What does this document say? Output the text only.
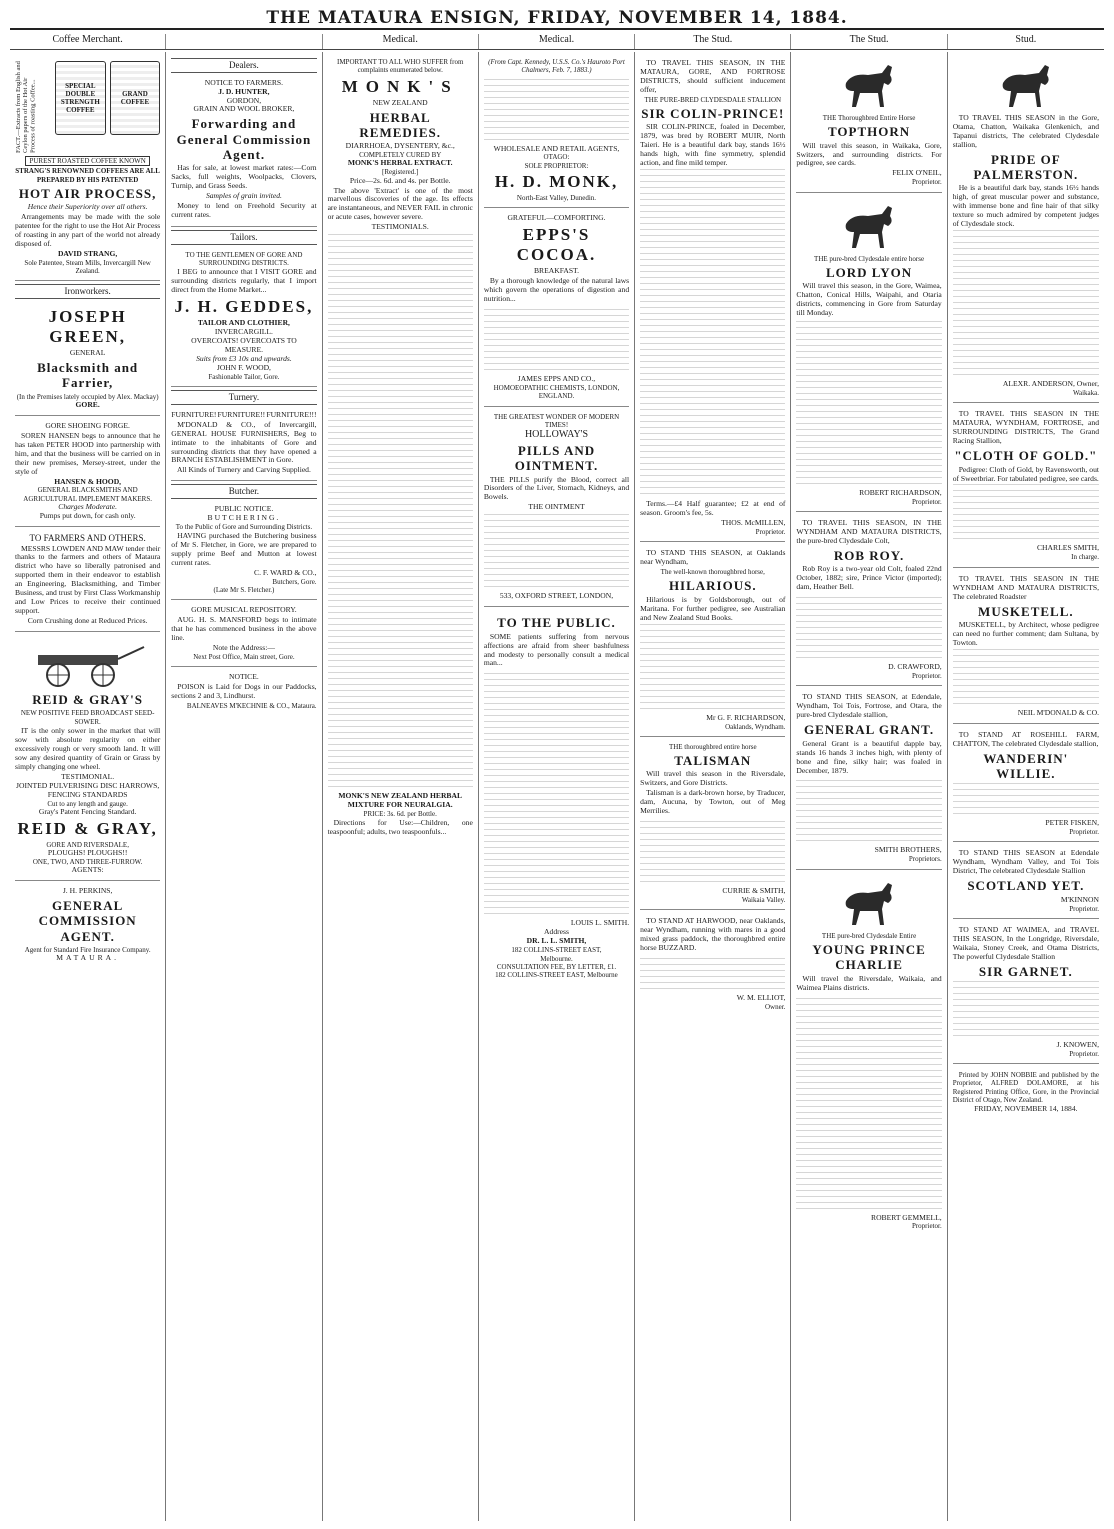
THE MATAURA ENSIGN, FRIDAY, NOVEMBER 14, 1884.
Coffee Merchant.	Medical.	Medical.	The Stud.	The Stud.	Stud.
FACT.—Extracts from English and Ceylon papers of the Hot Air Process of roasting Coffee...	SPECIAL DOUBLE STRENGTH COFFEE
GRAND COFFEE
PUREST ROASTED COFFEE KNOWN
STRANG'S RENOWNED COFFEES ARE ALL PREPARED BY HIS PATENTED
HOT AIR PROCESS,
Hence their Superiority over all others.

Arrangements may be made with the sole patentee for the right to use the Hot Air Process of roasting in any part of the world not already disposed of.

DAVID STRANG,
Sole Patentee, Steam Mills, Invercargill New Zealand.
Ironworkers.
JOSEPH GREEN,
GENERAL
Blacksmith and Farrier,
(In the Premises lately occupied by Alex. Mackay)
GORE.
GORE SHOEING FORGE.

SOREN HANSEN begs to announce that he has taken PETER HOOD into partnership with him, and that the business will be carried on in their new premises, Mersey-street, under the style of

HANSEN & HOOD,
GENERAL BLACKSMITHS AND AGRICULTURAL IMPLEMENT MAKERS.
Charges Moderate.
Pumps put down, for cash only.
TO FARMERS AND OTHERS.

MESSRS LOWDEN AND MAW tender their thanks to the farmers and others of Mataura district who have so liberally patronised and supported them in their endeavor to establish an Engineering, Blacksmithing, and Timber Business, and trust by First Class Workmanship and Low Prices to receive their continued support.

Corn Crushing done at Reduced Prices.
REID & GRAY'S
NEW POSITIVE FEED BROADCAST SEED-SOWER.

IT is the only sower in the market that will sow with absolute regularity on either excessively rough or very smooth land. It will sow any desired quantity of Grain or Grass by simply changing one wheel.

TESTIMONIAL.
JOINTED PULVERISING DISC HARROWS,
FENCING STANDARDS
Cut to any length and gauge.
Gray's Patent Fencing Standard.
REID & GRAY,
GORE AND RIVERSDALE,
PLOUGHS! PLOUGHS!!
ONE, TWO, AND THREE-FURROW.
AGENTS:
J. H. PERKINS,
GENERAL COMMISSION AGENT.
Agent for Standard Fire Insurance Company.
MATAURA.
Dealers.
NOTICE TO FARMERS.
J. D. HUNTER,
GORDON,
GRAIN AND WOOL BROKER,
Forwarding and General Commission Agent.

Has for sale, at lowest market rates:—Corn Sacks, full weights, Woolpacks, Clovers, Turnip, and Grass Seeds.

Samples of grain invited.

Money to lend on Freehold Security at current rates.

Tailors.
TO THE GENTLEMEN OF GORE AND SURROUNDING DISTRICTS.

I BEG to announce that I VISIT GORE and surrounding districts regularly, that I import direct from the Home Market...

J. H. GEDDES,
TAILOR AND CLOTHIER,
INVERCARGILL.
OVERCOATS! OVERCOATS TO MEASURE.
Suits from £3 10s and upwards.
JOHN F. WOOD,
Fashionable Tailor, Gore.
Turnery.
FURNITURE! FURNITURE!! FURNITURE!!!

M'DONALD & CO., of Invercargill, GENERAL HOUSE FURNISHERS, Beg to intimate to the inhabitants of Gore and surrounding districts that they have opened a BRANCH ESTABLISHMENT in Gore.

All Kinds of Turnery and Carving Supplied.
Butcher.
PUBLIC NOTICE.
BUTCHERING.
To the Public of Gore and Surrounding Districts.

HAVING purchased the Butchering business of Mr S. Fletcher, in Gore, we are prepared to supply prime Beef and Mutton at lowest current rates.

C. F. WARD & CO.,
Butchers, Gore.
(Late Mr S. Fletcher.)
GORE MUSICAL REPOSITORY.

AUG. H. S. MANSFORD begs to intimate that he has commenced business in the above line.

Note the Address:—
Next Post Office, Main street, Gore.
NOTICE.

POISON is Laid for Dogs in our Paddocks, sections 2 and 3, Lindhurst.

BALNEAVES M'KECHNIE & CO., Mataura.
IMPORTANT TO ALL WHO SUFFER from complaints enumerated below.
MONK'S
NEW ZEALAND
HERBAL REMEDIES.
DIARRHOEA, DYSENTERY, &c.,
COMPLETELY CURED BY
MONK'S HERBAL EXTRACT.
[Registered.]
Price—2s. 6d. and 4s. per Bottle.

The above 'Extract' is one of the most marvellous discoveries of the age. Its effects are instantaneous, and NEVER FAIL in chronic or acute cases, however severe.

TESTIMONIALS.
MONK'S NEW ZEALAND HERBAL MIXTURE FOR NEURALGIA.
PRICE: 3s. 6d. per Bottle.

Directions for Use:—Children, one teaspoonful; adults, two teaspoonfuls...

(From Capt. Kennedy, U.S.S. Co.'s Hauroto Port Chalmers, Feb. 7, 1883.)
WHOLESALE AND RETAIL AGENTS,
OTAGO:
SOLE PROPRIETOR:
H. D. MONK,
North-East Valley, Dunedin.
GRATEFUL—COMFORTING.
EPPS'S COCOA.
BREAKFAST.

By a thorough knowledge of the natural laws which govern the operations of digestion and nutrition...

JAMES EPPS AND CO.,
HOMOEOPATHIC CHEMISTS, LONDON, ENGLAND.
THE GREATEST WONDER OF MODERN TIMES!
HOLLOWAY'S
PILLS AND OINTMENT.

THE PILLS purify the Blood, correct all Disorders of the Liver, Stomach, Kidneys, and Bowels.

THE OINTMENT
533, OXFORD STREET, LONDON,
TO THE PUBLIC.

SOME patients suffering from nervous affections are afraid from sheer bashfulness and modesty to personally consult a medical man...

LOUIS L. SMITH.
Address
DR. L. L. SMITH,
182 COLLINS-STREET EAST,
Melbourne.
CONSULTATION FEE, BY LETTER, £1.
182 COLLINS-STREET EAST, Melbourne

TO TRAVEL THIS SEASON, IN THE MATAURA, GORE, AND FORTROSE DISTRICTS, should sufficient inducement offer,

THE PURE-BRED CLYDESDALE STALLION
SIR COLIN-PRINCE!

SIR COLIN-PRINCE, foaled in December, 1879, was bred by ROBERT MUIR, North Taieri. He is a beautiful dark bay, stands 16½ hands high, with fine symmetry, splendid action, and fine mild temper.

Terms.—£4 Half guarantee; £2 at end of season. Groom's fee, 5s.

THOS. McMILLEN,
Proprietor.

TO STAND THIS SEASON, at Oaklands near Wyndham,

The well-known thoroughbred horse,
HILARIOUS.

Hilarious is by Goldsborough, out of Maritana. For further pedigree, see Australian and New Zealand Stud Books.

Mr G. F. RICHARDSON,
Oaklands, Wyndham.
THE thoroughbred entire horse
TALISMAN

Will travel this season in the Riversdale, Switzers, and Gore Districts.

Talisman is a dark-brown horse, by Traducer, dam, Aucuna, by Towton, out of Meg Merrilies.

CURRIE & SMITH,
Waikaia Valley.

TO STAND AT HARWOOD, near Oaklands, near Wyndham, running with mares in a good mixed grass paddock, the thoroughbred entire horse BUZZARD.

W. M. ELLIOT,
Owner.
THE Thoroughbred Entire Horse
TOPTHORN

Will travel this season, in Waikaka, Gore, Switzers, and surrounding districts. For pedigree, see cards.

FELIX O'NEIL,
Proprietor.
THE pure-bred Clydesdale entire horse
LORD LYON

Will travel this season, in the Gore, Waimea, Chatton, Conical Hills, Waipahi, and Otaria districts, commencing in Gore from Saturday till Monday.

ROBERT RICHARDSON,
Proprietor.

TO TRAVEL THIS SEASON, IN THE WYNDHAM AND MATAURA DISTRICTS, the pure-bred Clydesdale Colt,

ROB ROY.

Rob Roy is a two-year old Colt, foaled 22nd October, 1882; sire, Prince Victor (imported); dam, Heather Bell.

D. CRAWFORD,
Proprietor.

TO STAND THIS SEASON, at Edendale, Wyndham, Toi Tois, Fortrose, and Otara, the pure-bred Clydesdale stallion,

GENERAL GRANT.

General Grant is a beautiful dapple bay, stands 16 hands 3 inches high, with plenty of bone and fine, silky hair; was foaled in December, 1879.

SMITH BROTHERS,
Proprietors.
THE pure-bred Clydesdale Entire
YOUNG PRINCE CHARLIE

Will travel the Riversdale, Waikaia, and Waimea Plains districts.

ROBERT GEMMELL,
Proprietor.

TO TRAVEL THIS SEASON in the Gore, Otama, Chatton, Waikaka Glenkenich, and Tapanui districts, The celebrated Clydesdale stallion,

PRIDE OF PALMERSTON.

He is a beautiful dark bay, stands 16½ hands high, of great muscular power and substance, with immense bone and fine hair of that silky texture so much admired by competent judges of Clydesdale stock.

ALEXR. ANDERSON, Owner,
Waikaka.

TO TRAVEL THIS SEASON IN THE MATAURA, WYNDHAM, FORTROSE, and SURROUNDING DISTRICTS, The Grand Racing Stallion,

"CLOTH OF GOLD."

Pedigree: Cloth of Gold, by Ravensworth, out of Sweetbriar. For tabulated pedigree, see cards.

CHARLES SMITH,
In charge.

TO TRAVEL THIS SEASON IN THE WYNDHAM AND MATAURA DISTRICTS, The celebrated Roadster

MUSKETELL.

MUSKETELL, by Architect, whose pedigree can need no further comment; dam Sultana, by Towton.

NEIL M'DONALD & CO.

TO STAND AT ROSEHILL FARM, CHATTON, The celebrated Clydesdale stallion,

WANDERIN' WILLIE.
PETER FISKEN,
Proprietor.

TO STAND THIS SEASON at Edendale Wyndham, Wyndham Valley, and Toi Tois District, The celebrated Clydesdale Stallion

SCOTLAND YET.
M'KINNON
Proprietor.

TO STAND AT WAIMEA, and TRAVEL THIS SEASON, In the Longridge, Riversdale, Waikaia, Stoney Creek, and Otama Districts, The powerful Clydesdale Stallion

SIR GARNET.
J. KNOWEN,
Proprietor.

Printed by JOHN NOBBIE and published by the Proprietor, ALFRED DOLAMORE, at his Registered Printing Office, Gore, in the Provincial District of Otago, New Zealand.

FRIDAY, NOVEMBER 14, 1884.
